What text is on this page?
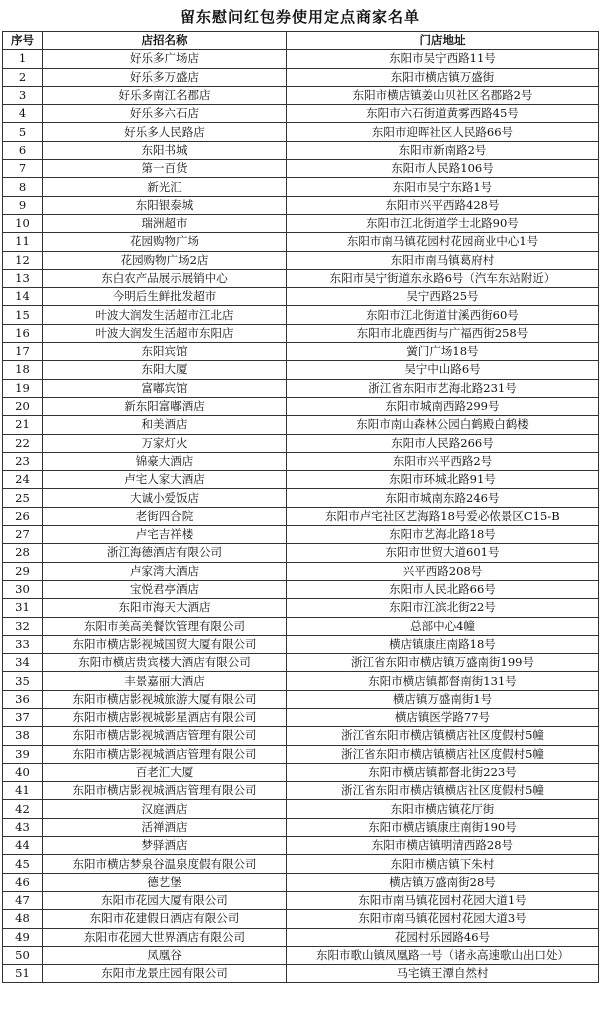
留东慰问红包券使用定点商家名单
序号	店招名称	门店地址
1	好乐多广场店	东阳市吴宁西路11号
2	好乐多万盛店	东阳市横店镇万盛街
3	好乐多南江名郡店	东阳市横店镇姜山贝社区名郡路2号
4	好乐多六石店	东阳市六石街道黄雾西路45号
5	好乐多人民路店	东阳市迎晖社区人民路66号
6	东阳书城	东阳市新南路2号
7	第一百货	东阳市人民路106号
8	新光汇	东阳市吴宁东路1号
9	东阳银泰城	东阳市兴平西路428号
10	瑞洲超市	东阳市江北街道学士北路90号
11	花园购物广场	东阳市南马镇花园村花园商业中心1号
12	花园购物广场2店	东阳市南马镇葛府村
13	东白农产品展示展销中心	东阳市吴宁街道东永路6号（汽车东站附近）
14	今明后生鲜批发超市	吴宁西路25号
15	叶波大润发生活超市江北店	东阳市江北街道甘溪西街60号
16	叶波大润发生活超市东阳店	东阳市北鹿西街与广福西街258号
17	东阳宾馆	黉门广场18号
18	东阳大厦	吴宁中山路6号
19	富嘟宾馆	浙江省东阳市艺海北路231号
20	新东阳富嘟酒店	东阳市城南西路299号
21	和美酒店	东阳市南山森林公园白鹤殿白鹤楼
22	万家灯火	东阳市人民路266号
23	锦豪大酒店	东阳市兴平西路2号
24	卢宅人家大酒店	东阳市环城北路91号
25	大诚小爱饭店	东阳市城南东路246号
26	老街四合院	东阳市卢宅社区艺海路18号爱必侬景区C15-B
27	卢宅吉祥楼	东阳市艺海北路18号
28	浙江海德酒店有限公司	东阳市世贸大道601号
29	卢家湾大酒店	兴平西路208号
30	宝悦君亭酒店	东阳市人民北路66号
31	东阳市海天大酒店	东阳市江滨北街22号
32	东阳市美高美餐饮管理有限公司	总部中心4幢
33	东阳市横店影视城国贸大厦有限公司	横店镇康庄南路18号
34	东阳市横店贵宾楼大酒店有限公司	浙江省东阳市横店镇万盛南街199号
35	丰景嘉丽大酒店	东阳市横店镇都督南街131号
36	东阳市横店影视城旅游大厦有限公司	横店镇万盛南街1号
37	东阳市横店影视城影星酒店有限公司	横店镇医学路77号
38	东阳市横店影视城酒店管理有限公司	浙江省东阳市横店镇横店社区度假村5幢
39	东阳市横店影视城酒店管理有限公司	浙江省东阳市横店镇横店社区度假村5幢
40	百老汇大厦	东阳市横店镇都督北街223号
41	东阳市横店影视城酒店管理有限公司	浙江省东阳市横店镇横店社区度假村5幢
42	汉庭酒店	东阳市横店镇花厅街
43	活禅酒店	东阳市横店镇康庄南街190号
44	梦驿酒店	东阳市横店镇明清西路28号
45	东阳市横店梦泉谷温泉度假有限公司	东阳市横店镇下朱村
46	德艺堡	横店镇万盛南街28号
47	东阳市花园大厦有限公司	东阳市南马镇花园村花园大道1号
48	东阳市花建假日酒店有限公司	东阳市南马镇花园村花园大道3号
49	东阳市花园大世界酒店有限公司	花园村乐园路46号
50	凤凰谷	东阳市歌山镇凤凰路一号（诸永高速歌山出口处）
51	东阳市龙景庄园有限公司	马宅镇王潭自然村
